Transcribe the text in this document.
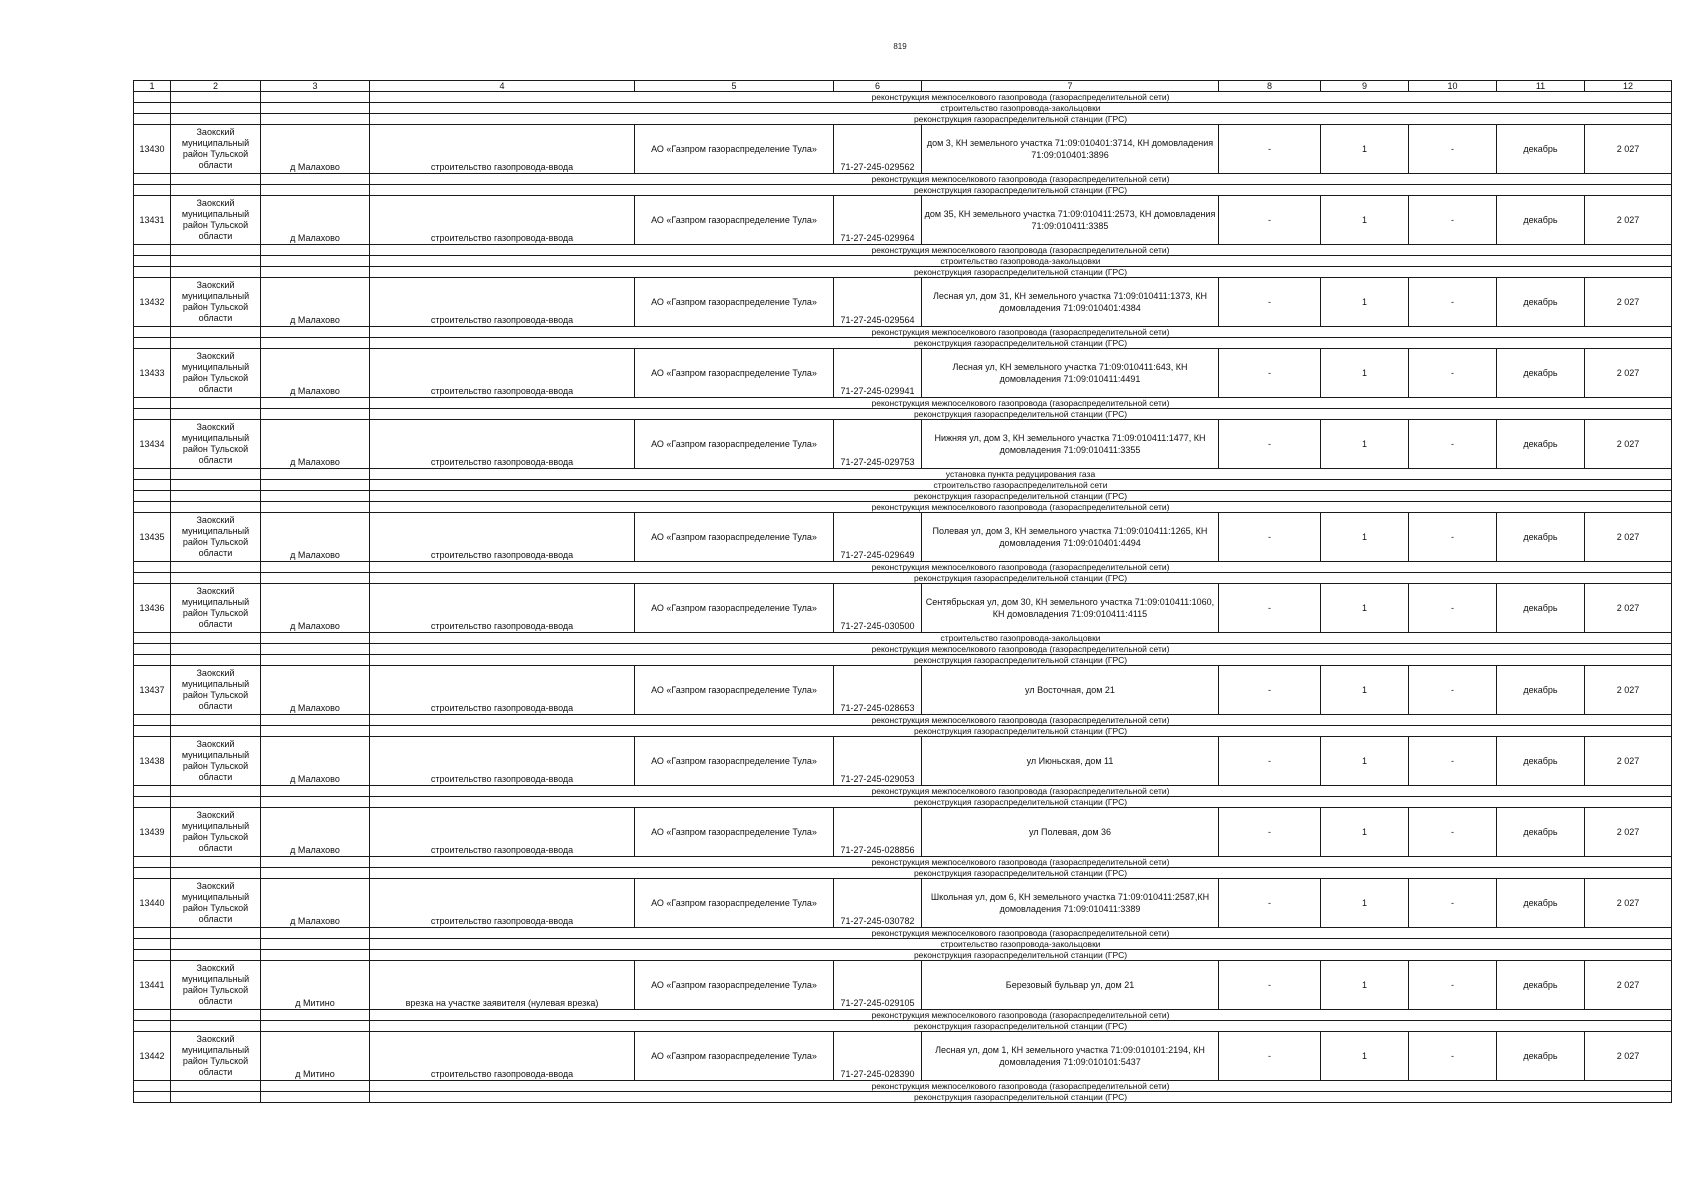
819
1	2	3	4	5	6	7	8	9	10	11	12
			реконструкция межпоселкового газопровода (газораспределительной сети)								
			строительство газопровода-закольцовки								
			реконструкция газораспределительной станции (ГРС)								
13430	Заокский муниципальный район Тульской области	д Малахово	строительство газопровода-ввода	АО «Газпром газораспределение Тула»	71-27-245-029562	дом 3, КН земельного участка 71:09:010401:3714, КН домовладения 71:09:010401:3896	-	1	-	декабрь	2 027
			реконструкция межпоселкового газопровода (газораспределительной сети)								
			реконструкция газораспределительной станции (ГРС)								
13431	Заокский муниципальный район Тульской области	д Малахово	строительство газопровода-ввода	АО «Газпром газораспределение Тула»	71-27-245-029964	дом 35, КН земельного участка 71:09:010411:2573, КН домовладения 71:09:010411:3385	-	1	-	декабрь	2 027
			реконструкция межпоселкового газопровода (газораспределительной сети)								
			строительство газопровода-закольцовки								
			реконструкция газораспределительной станции (ГРС)								
13432	Заокский муниципальный район Тульской области	д Малахово	строительство газопровода-ввода	АО «Газпром газораспределение Тула»	71-27-245-029564	Лесная ул, дом 31, КН земельного участка 71:09:010411:1373, КН домовладения 71:09:010401:4384	-	1	-	декабрь	2 027
			реконструкция межпоселкового газопровода (газораспределительной сети)								
			реконструкция газораспределительной станции (ГРС)								
13433	Заокский муниципальный район Тульской области	д Малахово	строительство газопровода-ввода	АО «Газпром газораспределение Тула»	71-27-245-029941	Лесная ул, КН земельного участка 71:09:010411:643, КН домовладения 71:09:010411:4491	-	1	-	декабрь	2 027
			реконструкция межпоселкового газопровода (газораспределительной сети)								
			реконструкция газораспределительной станции (ГРС)								
13434	Заокский муниципальный район Тульской области	д Малахово	строительство газопровода-ввода	АО «Газпром газораспределение Тула»	71-27-245-029753	Нижняя ул, дом 3, КН земельного участка 71:09:010411:1477, КН домовладения 71:09:010411:3355	-	1	-	декабрь	2 027
			установка пункта редуцирования газа								
			строительство газораспределительной сети								
			реконструкция газораспределительной станции (ГРС)								
			реконструкция межпоселкового газопровода (газораспределительной сети)								
13435	Заокский муниципальный район Тульской области	д Малахово	строительство газопровода-ввода	АО «Газпром газораспределение Тула»	71-27-245-029649	Полевая ул, дом 3, КН земельного участка 71:09:010411:1265, КН домовладения 71:09:010401:4494	-	1	-	декабрь	2 027
			реконструкция межпоселкового газопровода (газораспределительной сети)								
			реконструкция газораспределительной станции (ГРС)								
13436	Заокский муниципальный район Тульской области	д Малахово	строительство газопровода-ввода	АО «Газпром газораспределение Тула»	71-27-245-030500	Сентябрьская ул, дом 30, КН земельного участка 71:09:010411:1060, КН домовладения 71:09:010411:4115	-	1	-	декабрь	2 027
			строительство газопровода-закольцовки								
			реконструкция межпоселкового газопровода (газораспределительной сети)								
			реконструкция газораспределительной станции (ГРС)								
13437	Заокский муниципальный район Тульской области	д Малахово	строительство газопровода-ввода	АО «Газпром газораспределение Тула»	71-27-245-028653	ул Восточная, дом 21	-	1	-	декабрь	2 027
			реконструкция межпоселкового газопровода (газораспределительной сети)								
			реконструкция газораспределительной станции (ГРС)								
13438	Заокский муниципальный район Тульской области	д Малахово	строительство газопровода-ввода	АО «Газпром газораспределение Тула»	71-27-245-029053	ул Июньская, дом 11	-	1	-	декабрь	2 027
			реконструкция межпоселкового газопровода (газораспределительной сети)								
			реконструкция газораспределительной станции (ГРС)								
13439	Заокский муниципальный район Тульской области	д Малахово	строительство газопровода-ввода	АО «Газпром газораспределение Тула»	71-27-245-028856	ул Полевая, дом 36	-	1	-	декабрь	2 027
			реконструкция межпоселкового газопровода (газораспределительной сети)								
			реконструкция газораспределительной станции (ГРС)								
13440	Заокский муниципальный район Тульской области	д Малахово	строительство газопровода-ввода	АО «Газпром газораспределение Тула»	71-27-245-030782	Школьная ул, дом 6, КН земельного участка 71:09:010411:2587,КН домовладения 71:09:010411:3389	-	1	-	декабрь	2 027
			реконструкция межпоселкового газопровода (газораспределительной сети)								
			строительство газопровода-закольцовки								
			реконструкция газораспределительной станции (ГРС)								
13441	Заокский муниципальный район Тульской области	д Митино	врезка на участке заявителя (нулевая врезка)	АО «Газпром газораспределение Тула»	71-27-245-029105	Березовый бульвар ул, дом 21	-	1	-	декабрь	2 027
			реконструкция межпоселкового газопровода (газораспределительной сети)								
			реконструкция газораспределительной станции (ГРС)								
13442	Заокский муниципальный район Тульской области	д Митино	строительство газопровода-ввода	АО «Газпром газораспределение Тула»	71-27-245-028390	Лесная ул, дом 1, КН земельного участка 71:09:010101:2194, КН домовладения 71:09:010101:5437	-	1	-	декабрь	2 027
			реконструкция межпоселкового газопровода (газораспределительной сети)								
			реконструкция газораспределительной станции (ГРС)								
